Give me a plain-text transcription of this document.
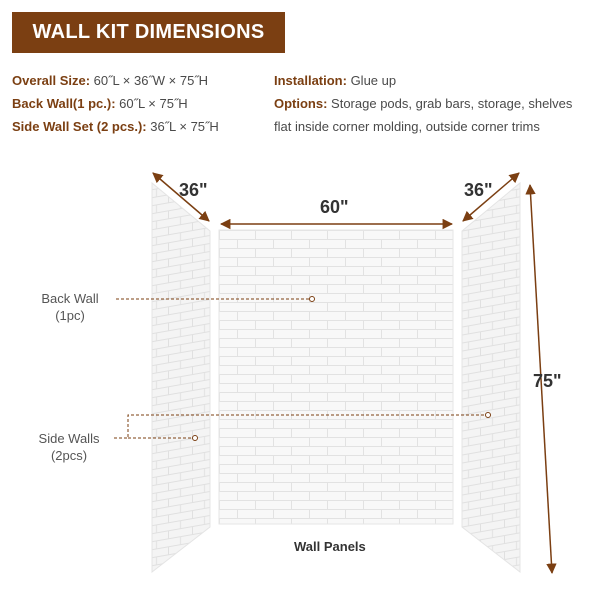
WALL KIT DIMENSIONS
Overall Size: 60˝L × 36˝W × 75˝H
Back Wall(1 pc.): 60˝L × 75˝H
Side Wall Set (2 pcs.): 36˝L × 75˝H
Installation: Glue up
Options: Storage pods, grab bars, storage, shelves
flat inside corner molding, outside corner trims
36"
60"
36"
75"
Back Wall
(1pc)
Side Walls
(2pcs)
Wall Panels
